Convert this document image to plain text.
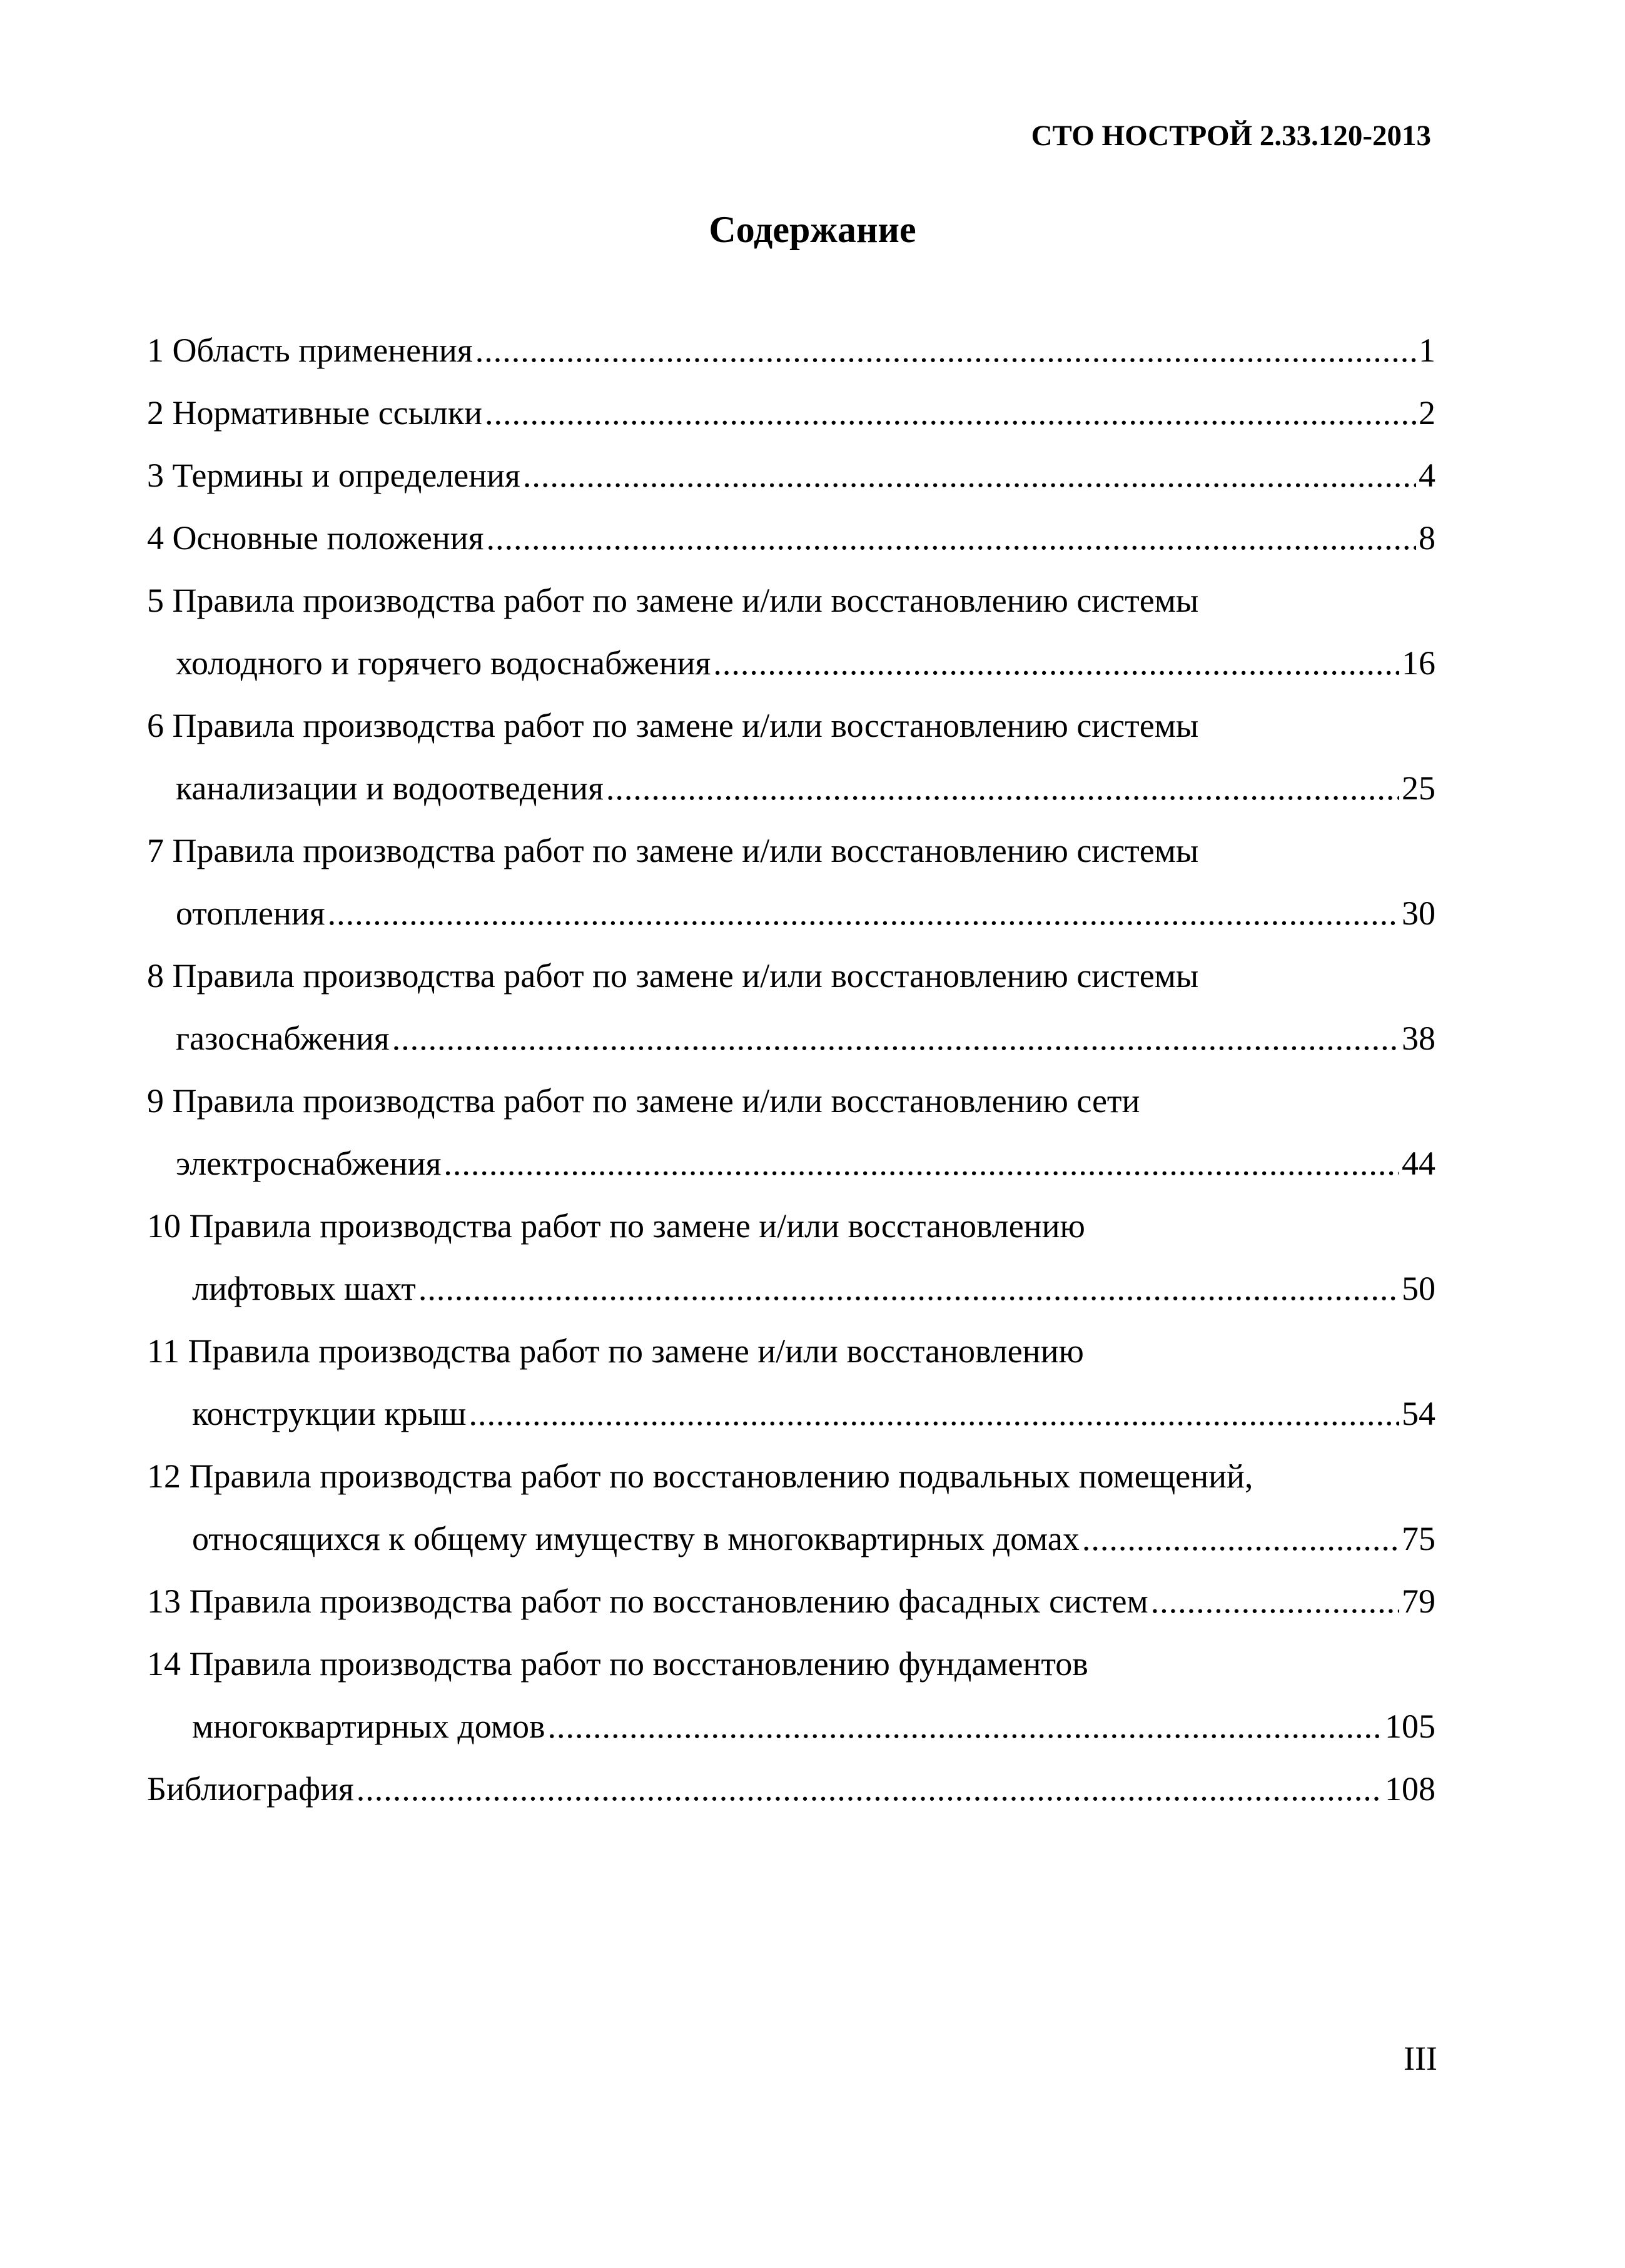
СТО НОСТРОЙ 2.33.120-2013
Содержание
1 Область применения .....	1
2 Нормативные ссылки .....	2
3 Термины и определения .....	4
4 Основные положения .....	8
5 Правила производства работ по замене и/или восстановлению системы
холодного и горячего водоснабжения .....	16
6 Правила производства работ по замене и/или восстановлению системы
канализации и водоотведения .....	25
7 Правила производства работ по замене и/или восстановлению системы
отопления .....	30
8 Правила производства работ по замене и/или восстановлению системы
газоснабжения .....	38
9 Правила производства работ по замене и/или восстановлению сети
электроснабжения .....	44
10 Правила производства работ по замене и/или восстановлению
лифтовых шахт .....	50
11 Правила производства работ по замене и/или восстановлению
конструкции крыш .....	54
12 Правила производства работ по восстановлению подвальных помещений,
относящихся к общему имуществу в многоквартирных домах .....	75
13 Правила производства работ по восстановлению фасадных систем .....	79
14 Правила производства работ по восстановлению фундаментов
многоквартирных домов .....	105
Библиография .....	108
III
